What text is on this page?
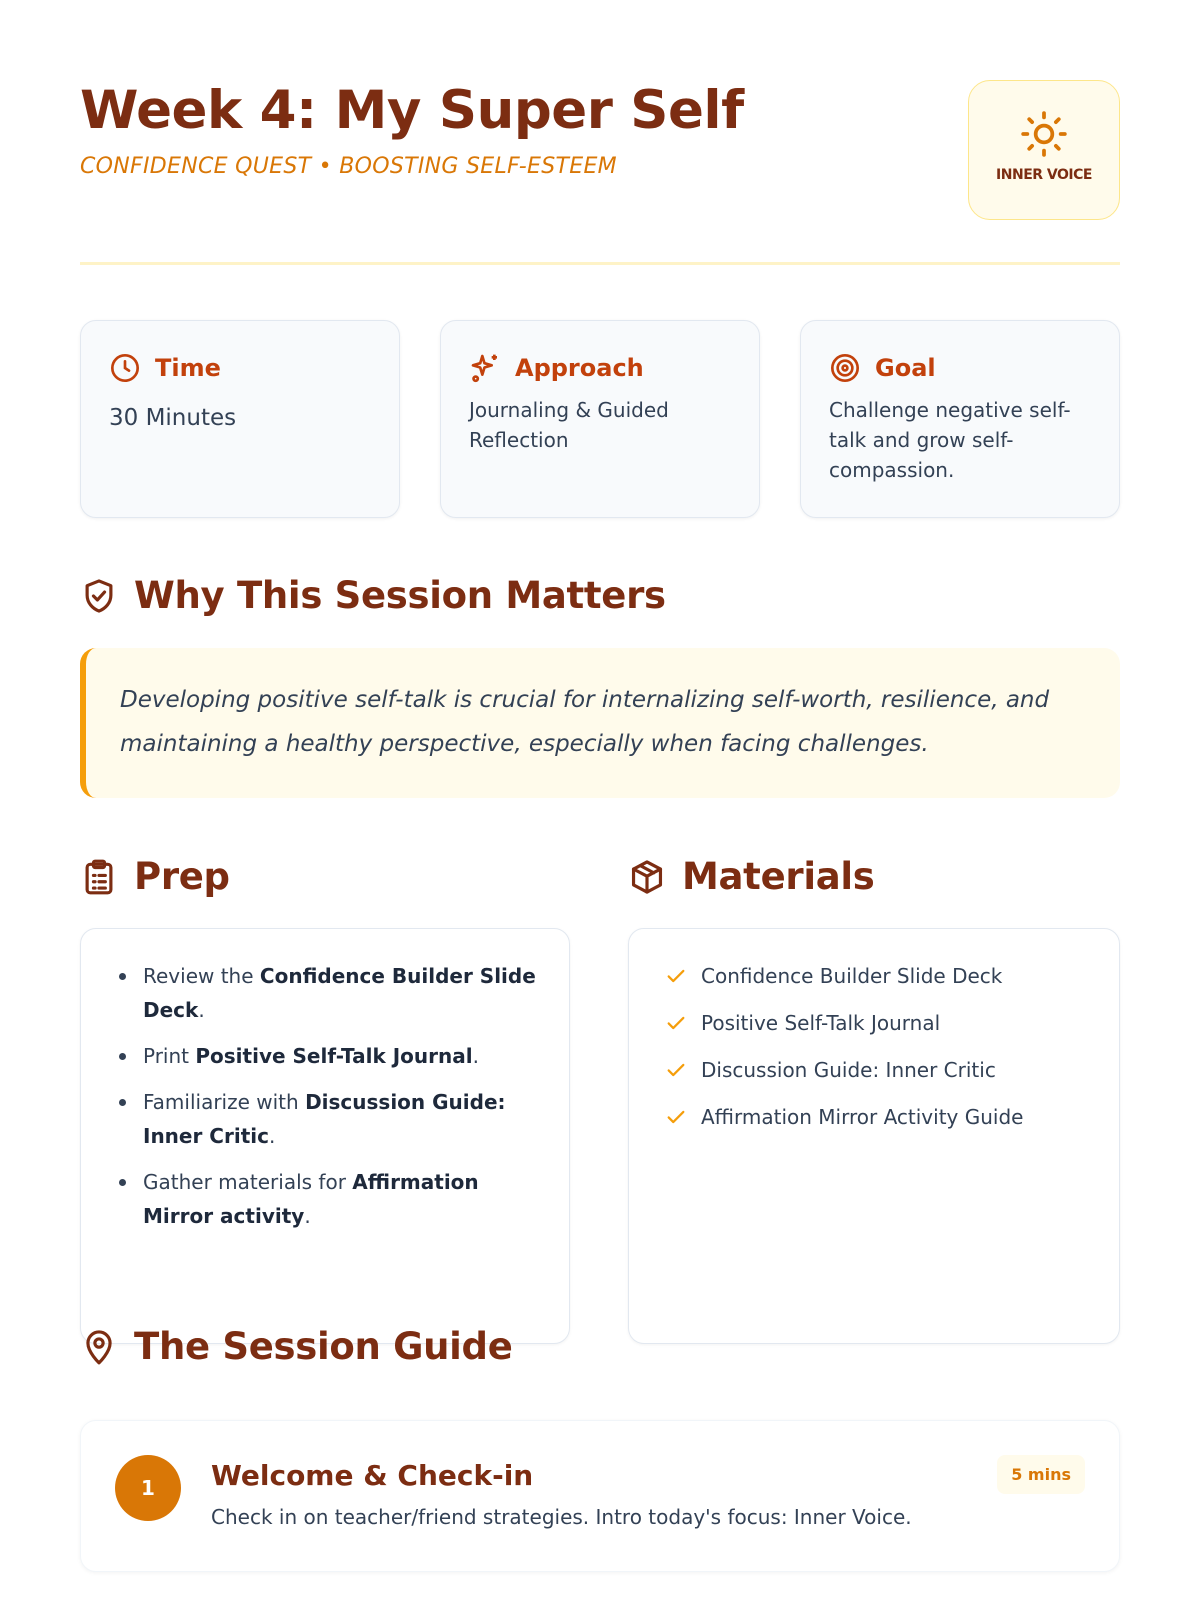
Week 4: My Super Self
CONFIDENCE QUEST • BOOSTING SELF-ESTEEM	INNER VOICE
Time
30 Minutes
Approach
Journaling & Guided Reflection
Goal
Challenge negative self-talk and grow self-compassion.
Why This Session Matters

Developing positive self-talk is crucial for internalizing self-worth, resilience, and maintaining a healthy perspective, especially when facing challenges.

Prep
Review the Confidence Builder Slide Deck.
Print Positive Self-Talk Journal.
Familiarize with Discussion Guide: Inner Critic.
Gather materials for Affirmation Mirror activity.
Materials
Confidence Builder Slide Deck
Positive Self-Talk Journal
Discussion Guide: Inner Critic
Affirmation Mirror Activity Guide
The Session Guide
1	Welcome & Check-in
Check in on teacher/friend strategies. Intro today's focus: Inner Voice.
5 mins
